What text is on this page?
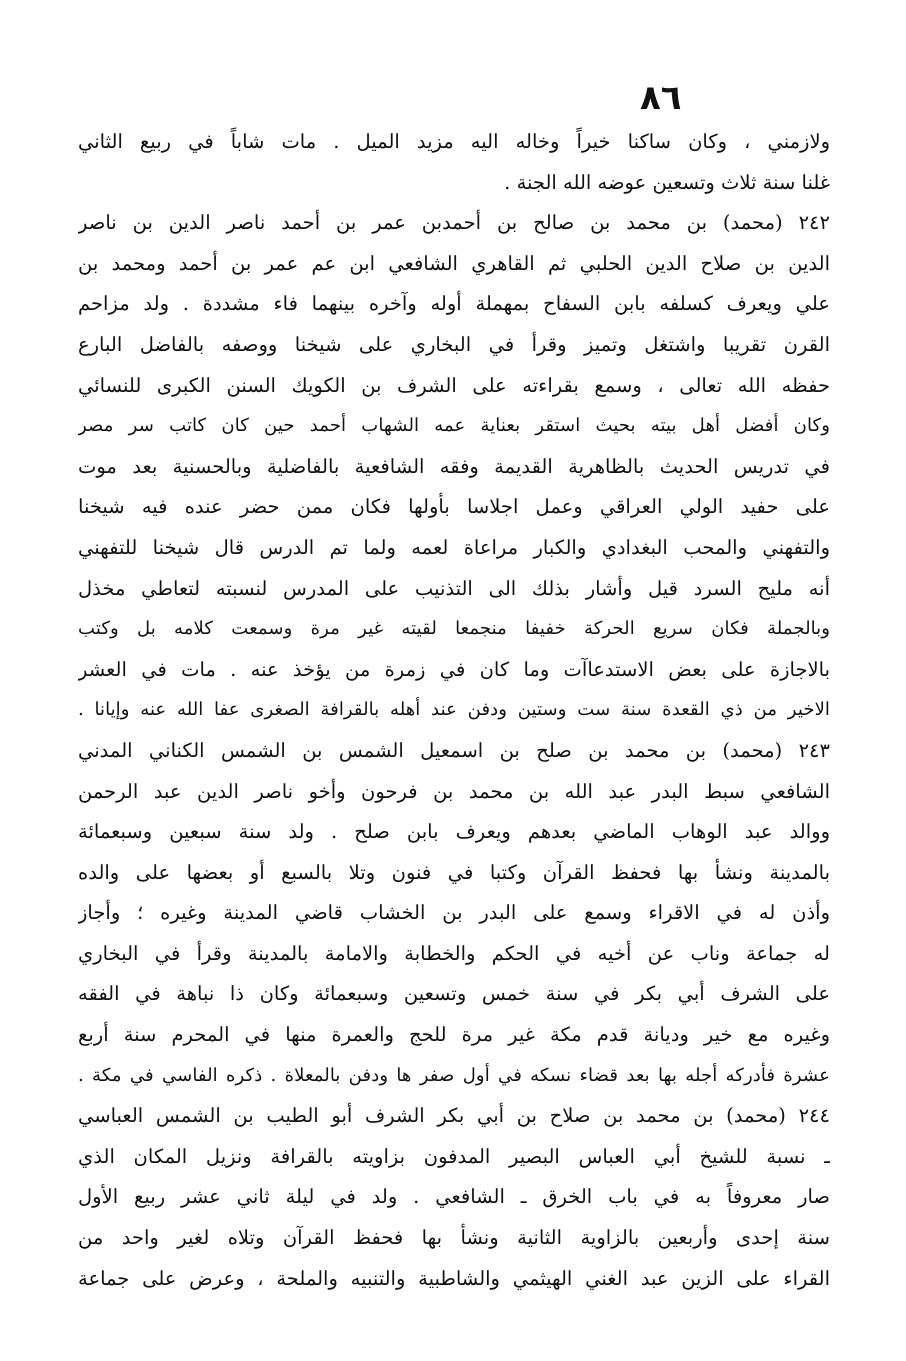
٨٦
ولازمني ، وكان ساكنا خيراً وخاله اليه مزيد الميل . مات شاباً في ربيع الثاني
غلنا سنة ثلاث وتسعين عوضه الله الجنة .
٢٤٢ (محمد) بن محمد بن صالح بن أحمدبن عمر بن أحمد ناصر الدين بن ناصر
الدين بن صلاح الدين الحلبي ثم القاهري الشافعي ابن عم عمر بن أحمد ومحمد بن
علي ويعرف كسلفه بابن السفاح بمهملة أوله وآخره بينهما فاء مشددة . ولد مزاحم
القرن تقريبا واشتغل وتميز وقرأ في البخاري على شيخنا ووصفه بالفاضل البارع
حفظه الله تعالى ، وسمع بقراءته على الشرف بن الكويك السنن الكبرى للنسائي
وكان أفضل أهل بيته بحيث استقر بعناية عمه الشهاب أحمد حين كان كاتب سر مصر
في تدريس الحديث بالظاهرية القديمة وفقه الشافعية بالفاضلية وبالحسنية بعد موت
على حفيد الولي العراقي وعمل اجلاسا بأولها فكان ممن حضر عنده فيه شيخنا
والتفهني والمحب البغدادي والكبار مراعاة لعمه ولما تم الدرس قال شيخنا للتفهني
أنه مليح السرد قيل وأشار بذلك الى التذنيب على المدرس لنسبته لتعاطي مخذل
وبالجملة فكان سريع الحركة خفيفا منجمعا لقيته غير مرة وسمعت كلامه بل وكتب
بالاجازة على بعض الاستدعاآت وما كان في زمرة من يؤخذ عنه . مات في العشر
الاخير من ذي القعدة سنة ست وستين ودفن عند أهله بالقرافة الصغرى عفا الله عنه وإيانا .
٢٤٣ (محمد) بن محمد بن صلح بن اسمعيل الشمس بن الشمس الكناني المدني
الشافعي سبط البدر عبد الله بن محمد بن فرحون وأخو ناصر الدين عبد الرحمن
ووالد عبد الوهاب الماضي بعدهم ويعرف بابن صلح . ولد سنة سبعين وسبعمائة
بالمدينة ونشأ بها فحفظ القرآن وكتبا في فنون وتلا بالسبع أو بعضها على والده
وأذن له في الاقراء وسمع على البدر بن الخشاب قاضي المدينة وغيره ؛ وأجاز
له جماعة وناب عن أخيه في الحكم والخطابة والامامة بالمدينة وقرأ في البخاري
على الشرف أبي بكر في سنة خمس وتسعين وسبعمائة وكان ذا نباهة في الفقه
وغيره مع خير وديانة قدم مكة غير مرة للحج والعمرة منها في المحرم سنة أربع
عشرة فأدركه أجله بها بعد قضاء نسكه في أول صفر ها ودفن بالمعلاة . ذكره الفاسي في مكة .
٢٤٤ (محمد) بن محمد بن صلاح بن أبي بكر الشرف أبو الطيب بن الشمس العباسي
ـ نسبة للشيخ أبي العباس البصير المدفون بزاويته بالقرافة ونزيل المكان الذي
صار معروفاً به في باب الخرق ـ الشافعي . ولد في ليلة ثاني عشر ربيع الأول
سنة إحدى وأربعين بالزاوية الثانية ونشأ بها فحفظ القرآن وتلاه لغير واحد من
القراء على الزين عبد الغني الهيثمي والشاطبية والتنبيه والملحة ، وعرض على جماعة
